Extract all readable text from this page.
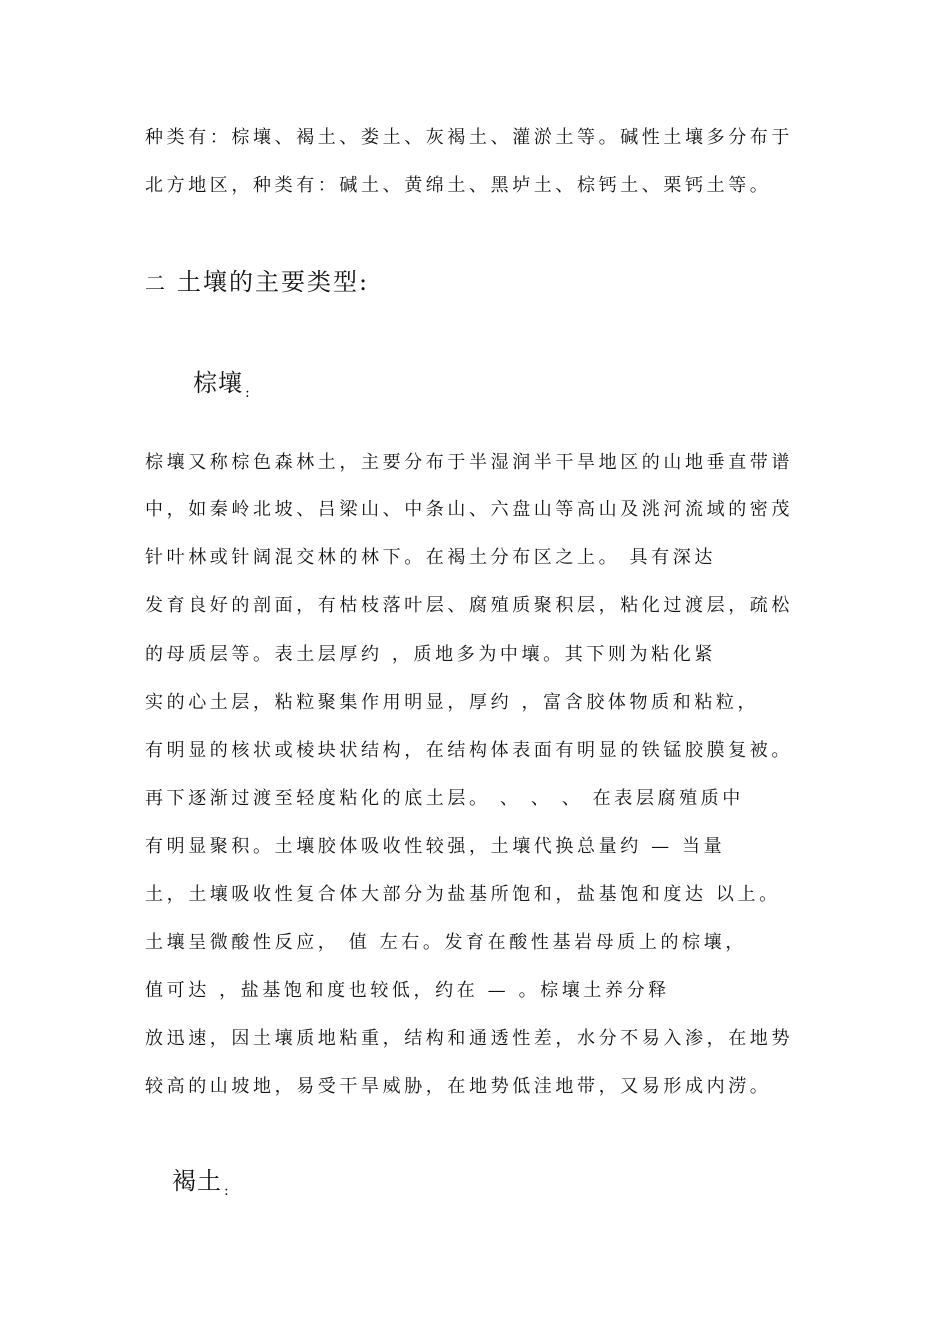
种类有：棕壤、褐土、娄土、灰褐土、灌淤土等。碱性土壤多分布于
北方地区，种类有：碱土、黄绵土、黑垆土、棕钙土、栗钙土等。
二 土壤的主要类型:
棕壤 $_:$
棕壤又称棕色森林土，主要分布于半湿润半干旱地区的山地垂直带谱
中，如秦岭北坡、吕梁山、中条山、六盘山等高山及洮河流域的密茂
针叶林或针阔混交林的林下。在褐土分布区之上。 具有深达
发育良好的剖面，有枯枝落叶层、腐殖质聚积层，粘化过渡层，疏松
的母质层等。表土层厚约 ，质地多为中壤。其下则为粘化紧
实的心土层，粘粒聚集作用明显，厚约 ，富含胶体物质和粘粒，
有明显的核状或棱块状结构，在结构体表面有明显的铁锰胶膜复被。
再下逐渐过渡至轻度粘化的底土层。 、 、 、 在表层腐殖质中
有明显聚积。土壤胶体吸收性较强，土壤代换总量约 — 当量
土，土壤吸收性复合体大部分为盐基所饱和，盐基饱和度达 以上。
土壤呈微酸性反应， 值 左右。发育在酸性基岩母质上的棕壤，
值可达 ，盐基饱和度也较低，约在 — 。棕壤土养分释
放迅速，因土壤质地粘重，结构和通透性差，水分不易入渗，在地势
较高的山坡地，易受干旱威胁，在地势低洼地带，又易形成内涝。
褐土 $_:$
